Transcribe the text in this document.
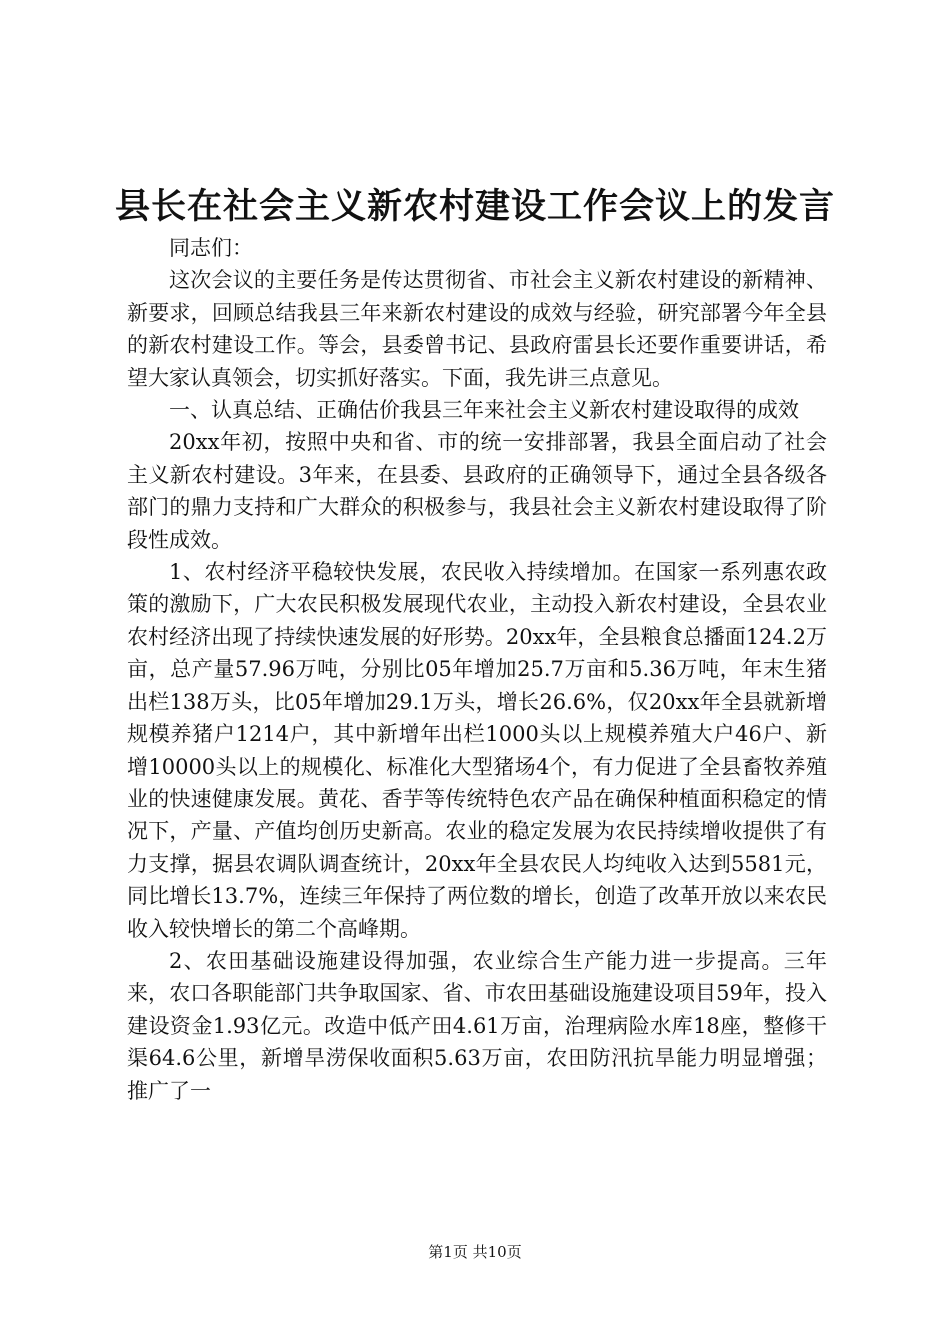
县长在社会主义新农村建设工作会议上的发言

同志们：

这次会议的主要任务是传达贯彻省、市社会主义新农村建设的新精神、新要求，回顾总结我县三年来新农村建设的成效与经验，研究部署今年全县的新农村建设工作。等会，县委曾书记、县政府雷县长还要作重要讲话，希望大家认真领会，切实抓好落实。下面，我先讲三点意见。

一、认真总结、正确估价我县三年来社会主义新农村建设取得的成效

20xx年初，按照中央和省、市的统一安排部署，我县全面启动了社会主义新农村建设。3年来，在县委、县政府的正确领导下，通过全县各级各部门的鼎力支持和广大群众的积极参与，我县社会主义新农村建设取得了阶段性成效。

1、农村经济平稳较快发展，农民收入持续增加。在国家一系列惠农政策的激励下，广大农民积极发展现代农业，主动投入新农村建设，全县农业农村经济出现了持续快速发展的好形势。20xx年，全县粮食总播面124.2万亩，总产量57.96万吨，分别比05年增加25.7万亩和5.36万吨，年末生猪出栏138万头，比05年增加29.1万头，增长26.6%，仅20xx年全县就新增规模养猪户1214户，其中新增年出栏1000头以上规模养殖大户46户、新增10000头以上的规模化、标准化大型猪场4个，有力促进了全县畜牧养殖业的快速健康发展。黄花、香芋等传统特色农产品在确保种植面积稳定的情况下，产量、产值均创历史新高。农业的稳定发展为农民持续增收提供了有力支撑，据县农调队调查统计，20xx年全县农民人均纯收入达到5581元，同比增长13.7%，连续三年保持了两位数的增长，创造了改革开放以来农民收入较快增长的第二个高峰期。

2、农田基础设施建设得加强，农业综合生产能力进一步提高。三年来，农口各职能部门共争取国家、省、市农田基础设施建设项目59年，投入建设资金1.93亿元。改造中低产田4.61万亩，治理病险水库18座，整修干渠64.6公里，新增旱涝保收面积5.63万亩，农田防汛抗旱能力明显增强；推广了一

第1页 共10页
